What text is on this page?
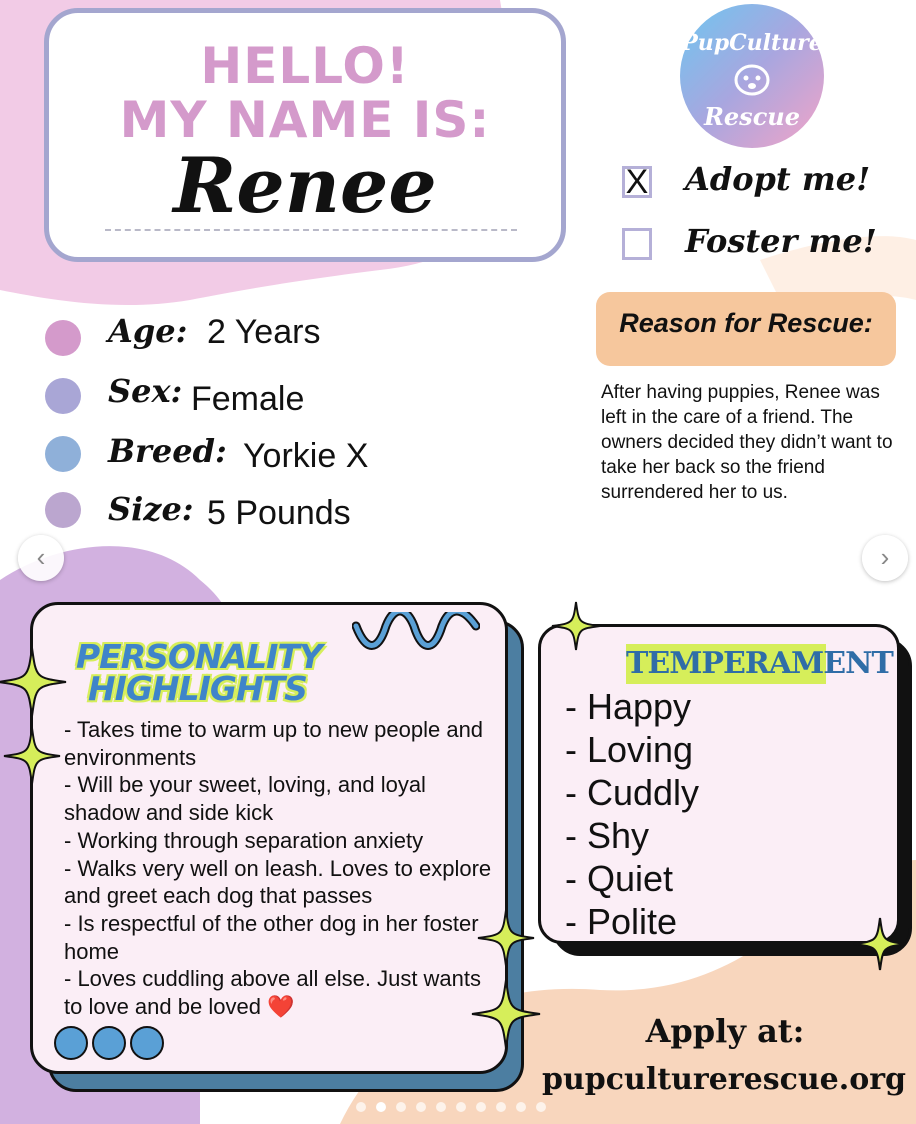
HELLO!
MY NAME IS:
Renee
PupCulture
Rescue
X Adopt me!
Foster me!
Age: 2 Years
Sex: Female
Breed: Yorkie X
Size: 5 Pounds
Reason for Rescue:
After having puppies, Renee was left in the care of a friend. The owners decided they didn’t want to take her back so the friend surrendered her to us.
‹	›
PERSONALITY
HIGHLIGHTS
- Takes time to warm up to new people and environments
- Will be your sweet, loving, and loyal shadow and side kick
- Working through separation anxiety
- Walks very well on leash. Loves to explore and greet each dog that passes
- Is respectful of the other dog in her foster home
- Loves cuddling above all else. Just wants to love and be loved ❤️
TEMPERAMENT
- Happy
- Loving
- Cuddly
- Shy
- Quiet
- Polite
Apply at:
pupculturerescue.org
